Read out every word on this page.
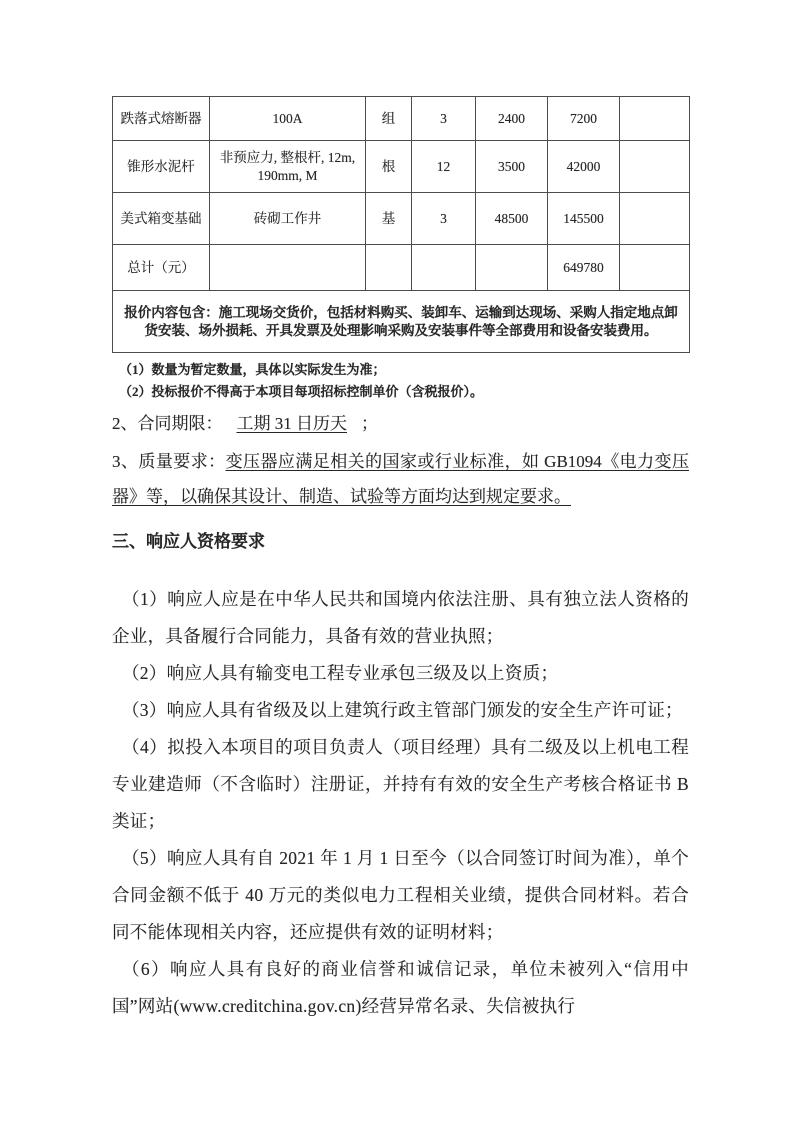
跌落式熔断器	100A	组	3	2400	7200	
锥形水泥杆	非预应力, 整根杆, 12m, 190mm, M	根	12	3500	42000	
美式箱变基础	砖砌工作井	基	3	48500	145500	
总计（元）					649780	
报价内容包含：施工现场交货价，包括材料购买、装卸车、运输到达现场、采购人指定地点卸货安装、场外损耗、开具发票及处理影响采购及安装事件等全部费用和设备安装费用。						
（1）数量为暂定数量，具体以实际发生为准；
（2）投标报价不得高于本项目每项招标控制单价（含税报价）。
2、合同期限： 工期 31 日历天 ；
3、质量要求：变压器应满足相关的国家或行业标准，如 GB1094《电力变压器》等，以确保其设计、制造、试验等方面均达到规定要求。
三、响应人资格要求

（1）响应人应是在中华人民共和国境内依法注册、具有独立法人资格的企业，具备履行合同能力，具备有效的营业执照；

（2）响应人具有输变电工程专业承包三级及以上资质；

（3）响应人具有省级及以上建筑行政主管部门颁发的安全生产许可证；

（4）拟投入本项目的项目负责人（项目经理）具有二级及以上机电工程专业建造师（不含临时）注册证，并持有有效的安全生产考核合格证书 B 类证；

（5）响应人具有自 2021 年 1 月 1 日至今（以合同签订时间为准），单个合同金额不低于 40 万元的类似电力工程相关业绩，提供合同材料。若合同不能体现相关内容，还应提供有效的证明材料；

（6）响应人具有良好的商业信誉和诚信记录，单位未被列入“信用中国”网站(www.creditchina.gov.cn)经营异常名录、失信被执行
